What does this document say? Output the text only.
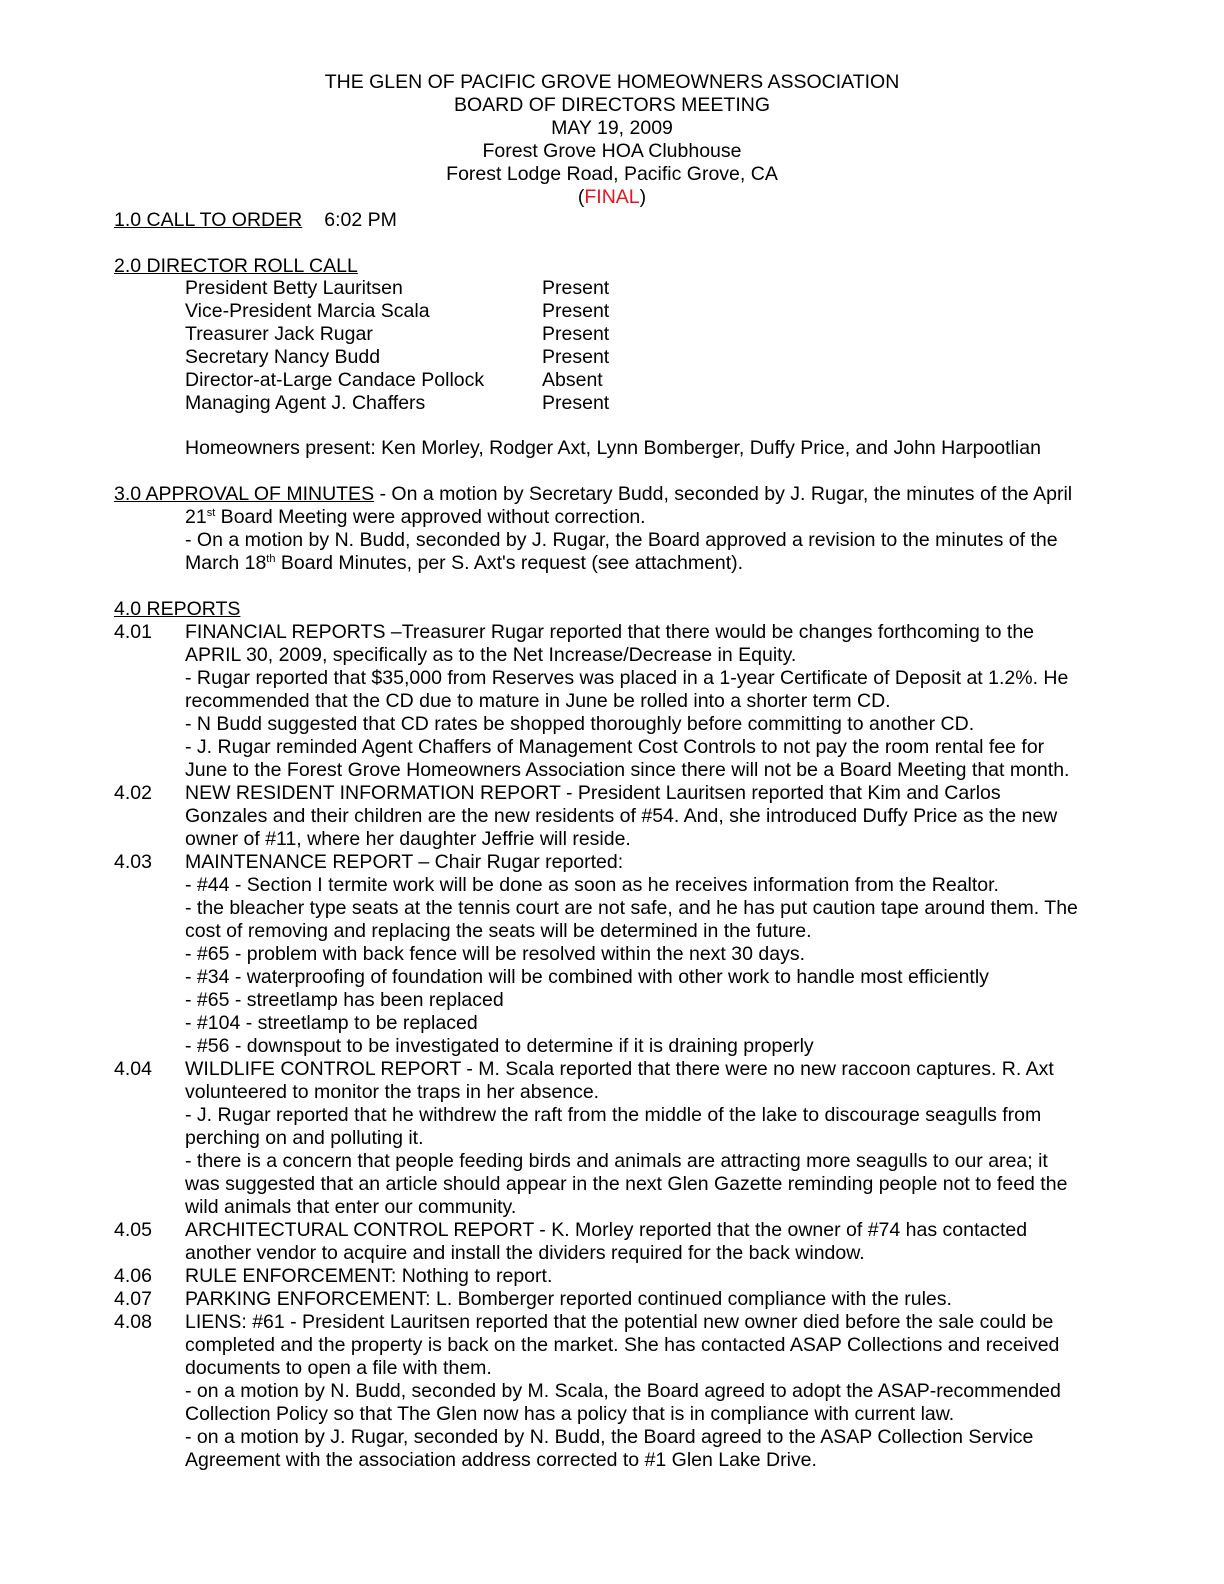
THE GLEN OF PACIFIC GROVE HOMEOWNERS ASSOCIATION
BOARD OF DIRECTORS MEETING
MAY 19, 2009
Forest Grove HOA Clubhouse
Forest Lodge Road, Pacific Grove, CA
(FINAL)
1.0 CALL TO ORDER 6:02 PM
2.0 DIRECTOR ROLL CALL
President Betty Lauritsen	Present
Vice-President Marcia Scala	Present
Treasurer Jack Rugar	Present
Secretary Nancy Budd	Present
Director-at-Large Candace Pollock	Absent
Managing Agent J. Chaffers	Present
Homeowners present: Ken Morley, Rodger Axt, Lynn Bomberger, Duffy Price, and John Harpootlian
3.0 APPROVAL OF MINUTES - On a motion by Secretary Budd, seconded by J. Rugar, the minutes of the April
21st Board Meeting were approved without correction.
- On a motion by N. Budd, seconded by J. Rugar, the Board approved a revision to the minutes of the
March 18th Board Minutes, per S. Axt's request (see attachment).
4.0 REPORTS
4.01 FINANCIAL REPORTS –Treasurer Rugar reported that there would be changes forthcoming to the
APRIL 30, 2009, specifically as to the Net Increase/Decrease in Equity.
- Rugar reported that $35,000 from Reserves was placed in a 1-year Certificate of Deposit at 1.2%. He
recommended that the CD due to mature in June be rolled into a shorter term CD.
- N Budd suggested that CD rates be shopped thoroughly before committing to another CD.
- J. Rugar reminded Agent Chaffers of Management Cost Controls to not pay the room rental fee for
June to the Forest Grove Homeowners Association since there will not be a Board Meeting that month.
4.02 NEW RESIDENT INFORMATION REPORT - President Lauritsen reported that Kim and Carlos
Gonzales and their children are the new residents of #54. And, she introduced Duffy Price as the new
owner of #11, where her daughter Jeffrie will reside.
4.03 MAINTENANCE REPORT – Chair Rugar reported:
- #44 - Section I termite work will be done as soon as he receives information from the Realtor.
- the bleacher type seats at the tennis court are not safe, and he has put caution tape around them. The
cost of removing and replacing the seats will be determined in the future.
- #65 - problem with back fence will be resolved within the next 30 days.
- #34 - waterproofing of foundation will be combined with other work to handle most efficiently
- #65 - streetlamp has been replaced
- #104 - streetlamp to be replaced
- #56 - downspout to be investigated to determine if it is draining properly
4.04 WILDLIFE CONTROL REPORT - M. Scala reported that there were no new raccoon captures. R. Axt
volunteered to monitor the traps in her absence.
- J. Rugar reported that he withdrew the raft from the middle of the lake to discourage seagulls from
perching on and polluting it.
- there is a concern that people feeding birds and animals are attracting more seagulls to our area; it
was suggested that an article should appear in the next Glen Gazette reminding people not to feed the
wild animals that enter our community.
4.05 ARCHITECTURAL CONTROL REPORT - K. Morley reported that the owner of #74 has contacted
another vendor to acquire and install the dividers required for the back window.
4.06 RULE ENFORCEMENT: Nothing to report.
4.07 PARKING ENFORCEMENT: L. Bomberger reported continued compliance with the rules.
4.08 LIENS: #61 - President Lauritsen reported that the potential new owner died before the sale could be
completed and the property is back on the market. She has contacted ASAP Collections and received
documents to open a file with them.
- on a motion by N. Budd, seconded by M. Scala, the Board agreed to adopt the ASAP-recommended
Collection Policy so that The Glen now has a policy that is in compliance with current law.
- on a motion by J. Rugar, seconded by N. Budd, the Board agreed to the ASAP Collection Service
Agreement with the association address corrected to #1 Glen Lake Drive.
